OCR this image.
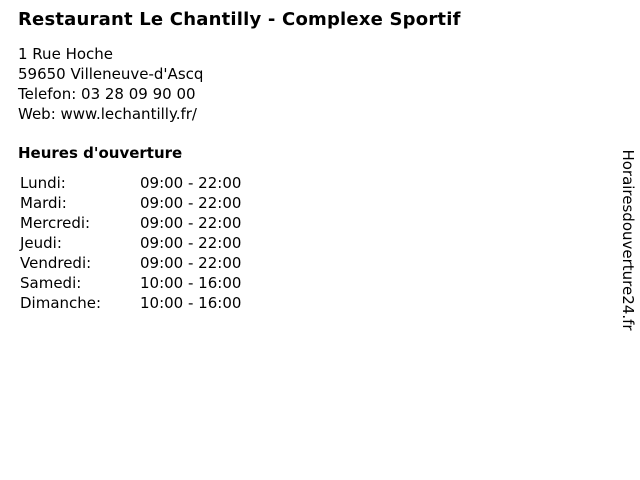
Restaurant Le Chantilly - Complexe Sportif
1 Rue Hoche
59650 Villeneuve-d'Ascq
Telefon: 03 28 09 90 00
Web: www.lechantilly.fr/
Heures d'ouverture
Lundi:	09:00 - 22:00
Mardi:	09:00 - 22:00
Mercredi:	09:00 - 22:00
Jeudi:	09:00 - 22:00
Vendredi:	09:00 - 22:00
Samedi:	10:00 - 16:00
Dimanche:	10:00 - 16:00	Horairesdouverture24.fr
